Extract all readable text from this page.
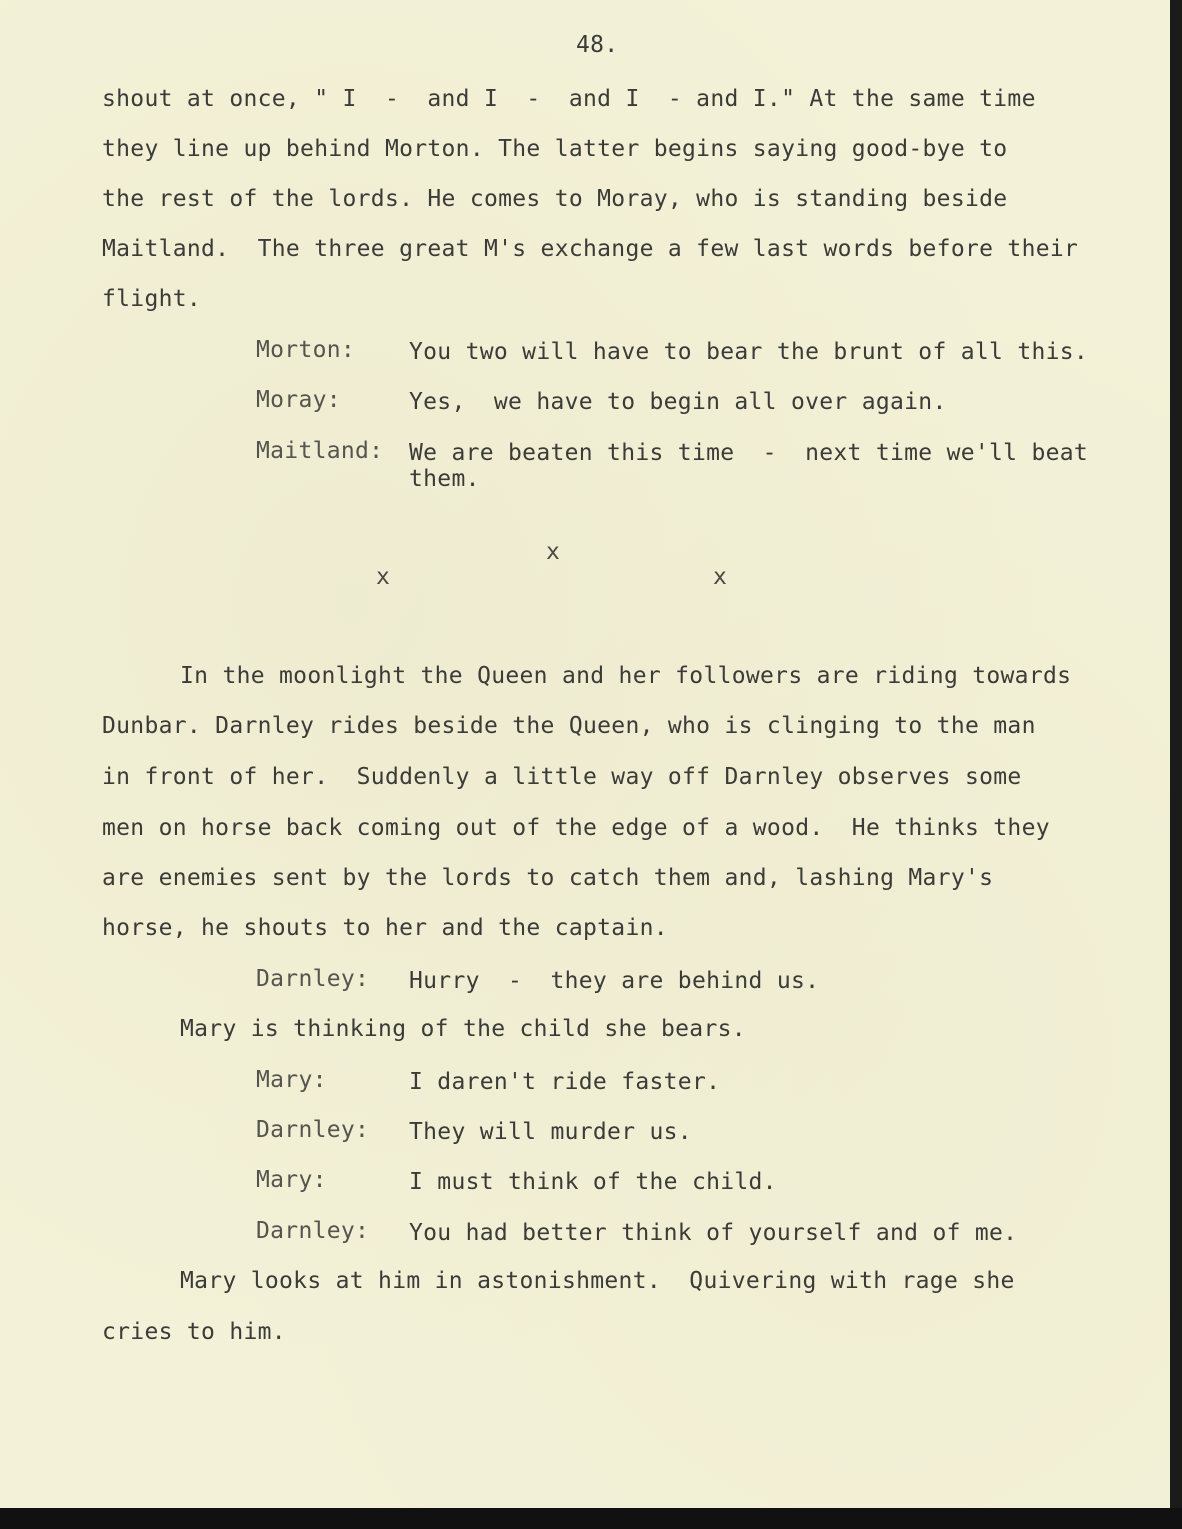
48.
shout at once, " I  -  and I  -  and I  - and I." At the same time
they line up behind Morton. The latter begins saying good-bye to
the rest of the lords. He comes to Moray, who is standing beside
Maitland.  The three great M's exchange a few last words before their
flight.
Morton: You two will have to bear the brunt of all this.
Moray:	Yes,  we have to begin all over again.
Maitland: We are beaten this time  -  next time we'll beat
them.
x
x	x
In the moonlight the Queen and her followers are riding towards
Dunbar. Darnley rides beside the Queen, who is clinging to the man
in front of her.  Suddenly a little way off Darnley observes some
men on horse back coming out of the edge of a wood.  He thinks they
are enemies sent by the lords to catch them and, lashing Mary's
horse, he shouts to her and the captain.
Darnley: Hurry  -  they are behind us.
Mary is thinking of the child she bears.
Mary:	I daren't ride faster.
Darnley: They will murder us.
Mary:	I must think of the child.
Darnley: You had better think of yourself and of me.
Mary looks at him in astonishment.  Quivering with rage she
cries to him.
